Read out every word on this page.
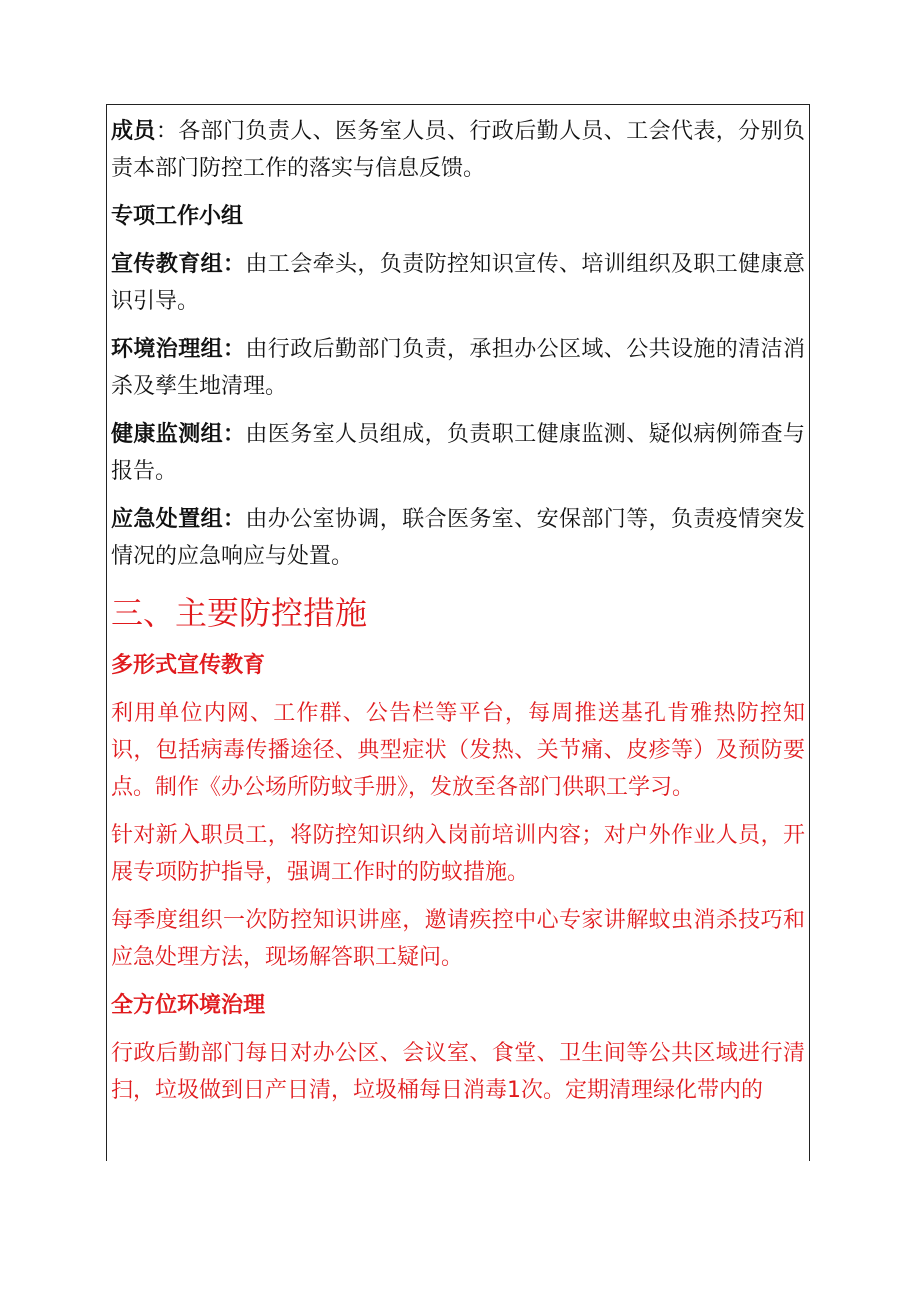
成员：各部门负责人、医务室人员、行政后勤人员、工会代表，分别负责本部门防控工作的落实与信息反馈。

专项工作小组

宣传教育组：由工会牵头，负责防控知识宣传、培训组织及职工健康意识引导。

环境治理组：由行政后勤部门负责，承担办公区域、公共设施的清洁消杀及孳生地清理。

健康监测组：由医务室人员组成，负责职工健康监测、疑似病例筛查与报告。

应急处置组：由办公室协调，联合医务室、安保部门等，负责疫情突发情况的应急响应与处置。

三、主要防控措施

多形式宣传教育

利用单位内网、工作群、公告栏等平台，每周推送基孔肯雅热防控知识，包括病毒传播途径、典型症状（发热、关节痛、皮疹等）及预防要点。制作《办公场所防蚊手册》，发放至各部门供职工学习。

针对新入职员工，将防控知识纳入岗前培训内容；对户外作业人员，开展专项防护指导，强调工作时的防蚊措施。

每季度组织一次防控知识讲座，邀请疾控中心专家讲解蚊虫消杀技巧和应急处理方法，现场解答职工疑问。

全方位环境治理

行政后勤部门每日对办公区、会议室、食堂、卫生间等公共区域进行清扫，垃圾做到日产日清，垃圾桶每日消毒1次。定期清理绿化带内的
